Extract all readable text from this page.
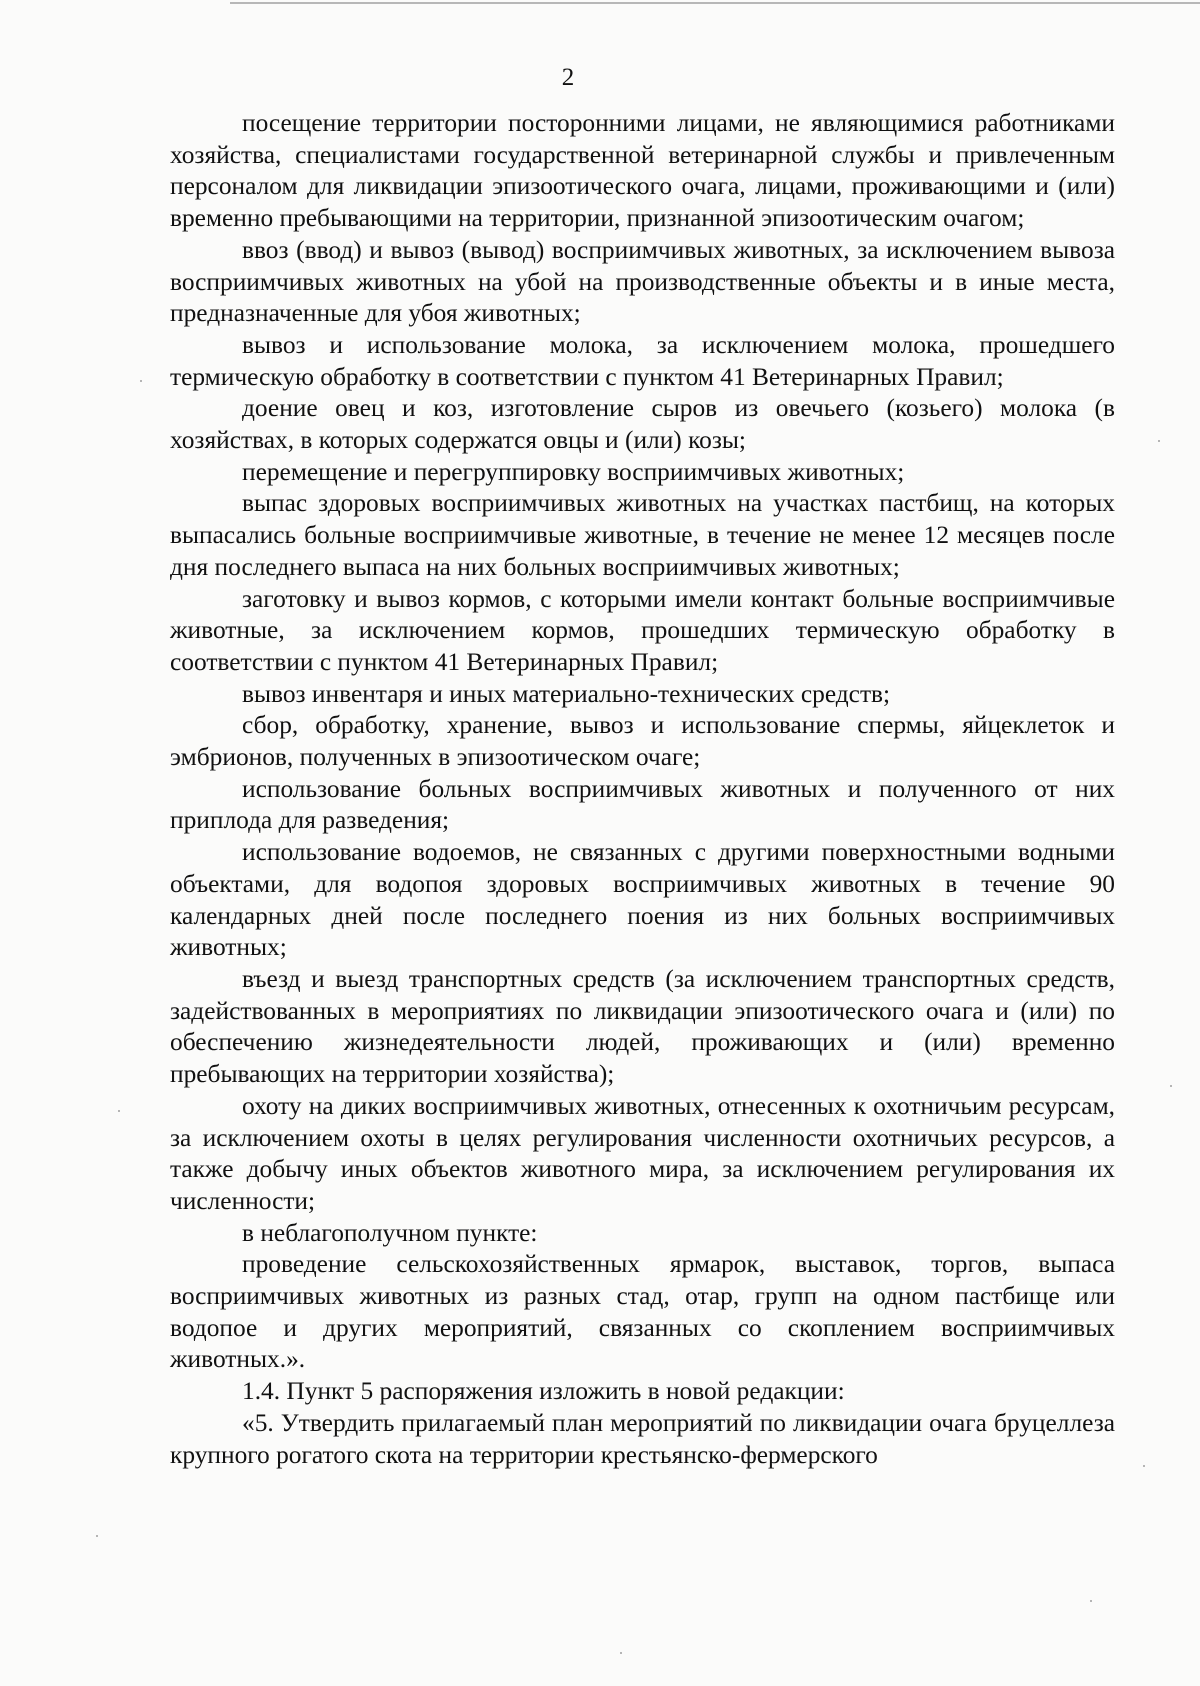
2

посещение территории посторонними лицами, не являющимися работниками хозяйства, специалистами государственной ветеринарной службы и привлеченным персоналом для ликвидации эпизоотического очага, лицами, проживающими и (или) временно пребывающими на территории, признанной эпизоотическим очагом;

ввоз (ввод) и вывоз (вывод) восприимчивых животных, за исключением вывоза восприимчивых животных на убой на производственные объекты и в иные места, предназначенные для убоя животных;

вывоз и использование молока, за исключением молока, прошедшего термическую обработку в соответствии с пунктом 41 Ветеринарных Правил;

доение овец и коз, изготовление сыров из овечьего (козьего) молока (в хозяйствах, в которых содержатся овцы и (или) козы;

перемещение и перегруппировку восприимчивых животных;

выпас здоровых восприимчивых животных на участках пастбищ, на которых выпасались больные восприимчивые животные, в течение не менее 12 месяцев после дня последнего выпаса на них больных восприимчивых животных;

заготовку и вывоз кормов, с которыми имели контакт больные восприимчивые животные, за исключением кормов, прошедших термическую обработку в соответствии с пунктом 41 Ветеринарных Правил;

вывоз инвентаря и иных материально-технических средств;

сбор, обработку, хранение, вывоз и использование спермы, яйцеклеток и эмбрионов, полученных в эпизоотическом очаге;

использование больных восприимчивых животных и полученного от них приплода для разведения;

использование водоемов, не связанных с другими поверхностными водными объектами, для водопоя здоровых восприимчивых животных в течение 90 календарных дней после последнего поения из них больных восприимчивых животных;

въезд и выезд транспортных средств (за исключением транспортных средств, задействованных в мероприятиях по ликвидации эпизоотического очага и (или) по обеспечению жизнедеятельности людей, проживающих и (или) временно пребывающих на территории хозяйства);

охоту на диких восприимчивых животных, отнесенных к охотничьим ресурсам, за исключением охоты в целях регулирования численности охотничьих ресурсов, а также добычу иных объектов животного мира, за исключением регулирования их численности;

в неблагополучном пункте:

проведение сельскохозяйственных ярмарок, выставок, торгов, выпаса восприимчивых животных из разных стад, отар, групп на одном пастбище или водопое и других мероприятий, связанных со скоплением восприимчивых животных.».

1.4. Пункт 5 распоряжения изложить в новой редакции:

«5. Утвердить прилагаемый план мероприятий по ликвидации очага бруцеллеза крупного рогатого скота на территории крестьянско-фермерского
